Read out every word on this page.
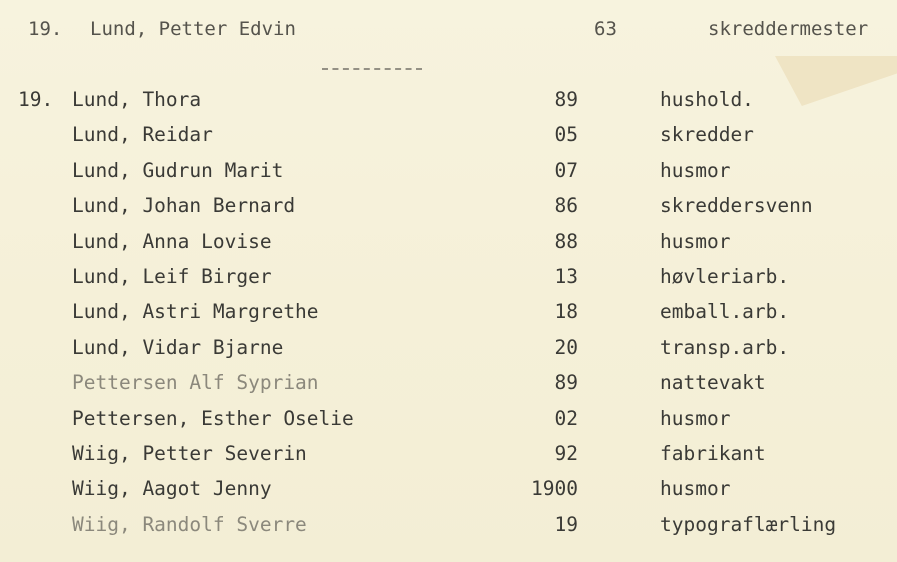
19. Lund, Petter Edvin	63	skreddermester
19. Lund, Thora	89	hushold.
Lund, Reidar	05	skredder
Lund, Gudrun Marit	07	husmor
Lund, Johan Bernard	86	skreddersvenn
Lund, Anna Lovise	88	husmor
Lund, Leif Birger	13	høvleriarb.
Lund, Astri Margrethe	18	emball.arb.
Lund, Vidar Bjarne	20	transp.arb.
Pettersen Alf Syprian	89	nattevakt
Pettersen, Esther Oselie	02	husmor
Wiig, Petter Severin	92	fabrikant
Wiig, Aagot Jenny	1900	husmor
Wiig, Randolf Sverre	19	typograflærling
